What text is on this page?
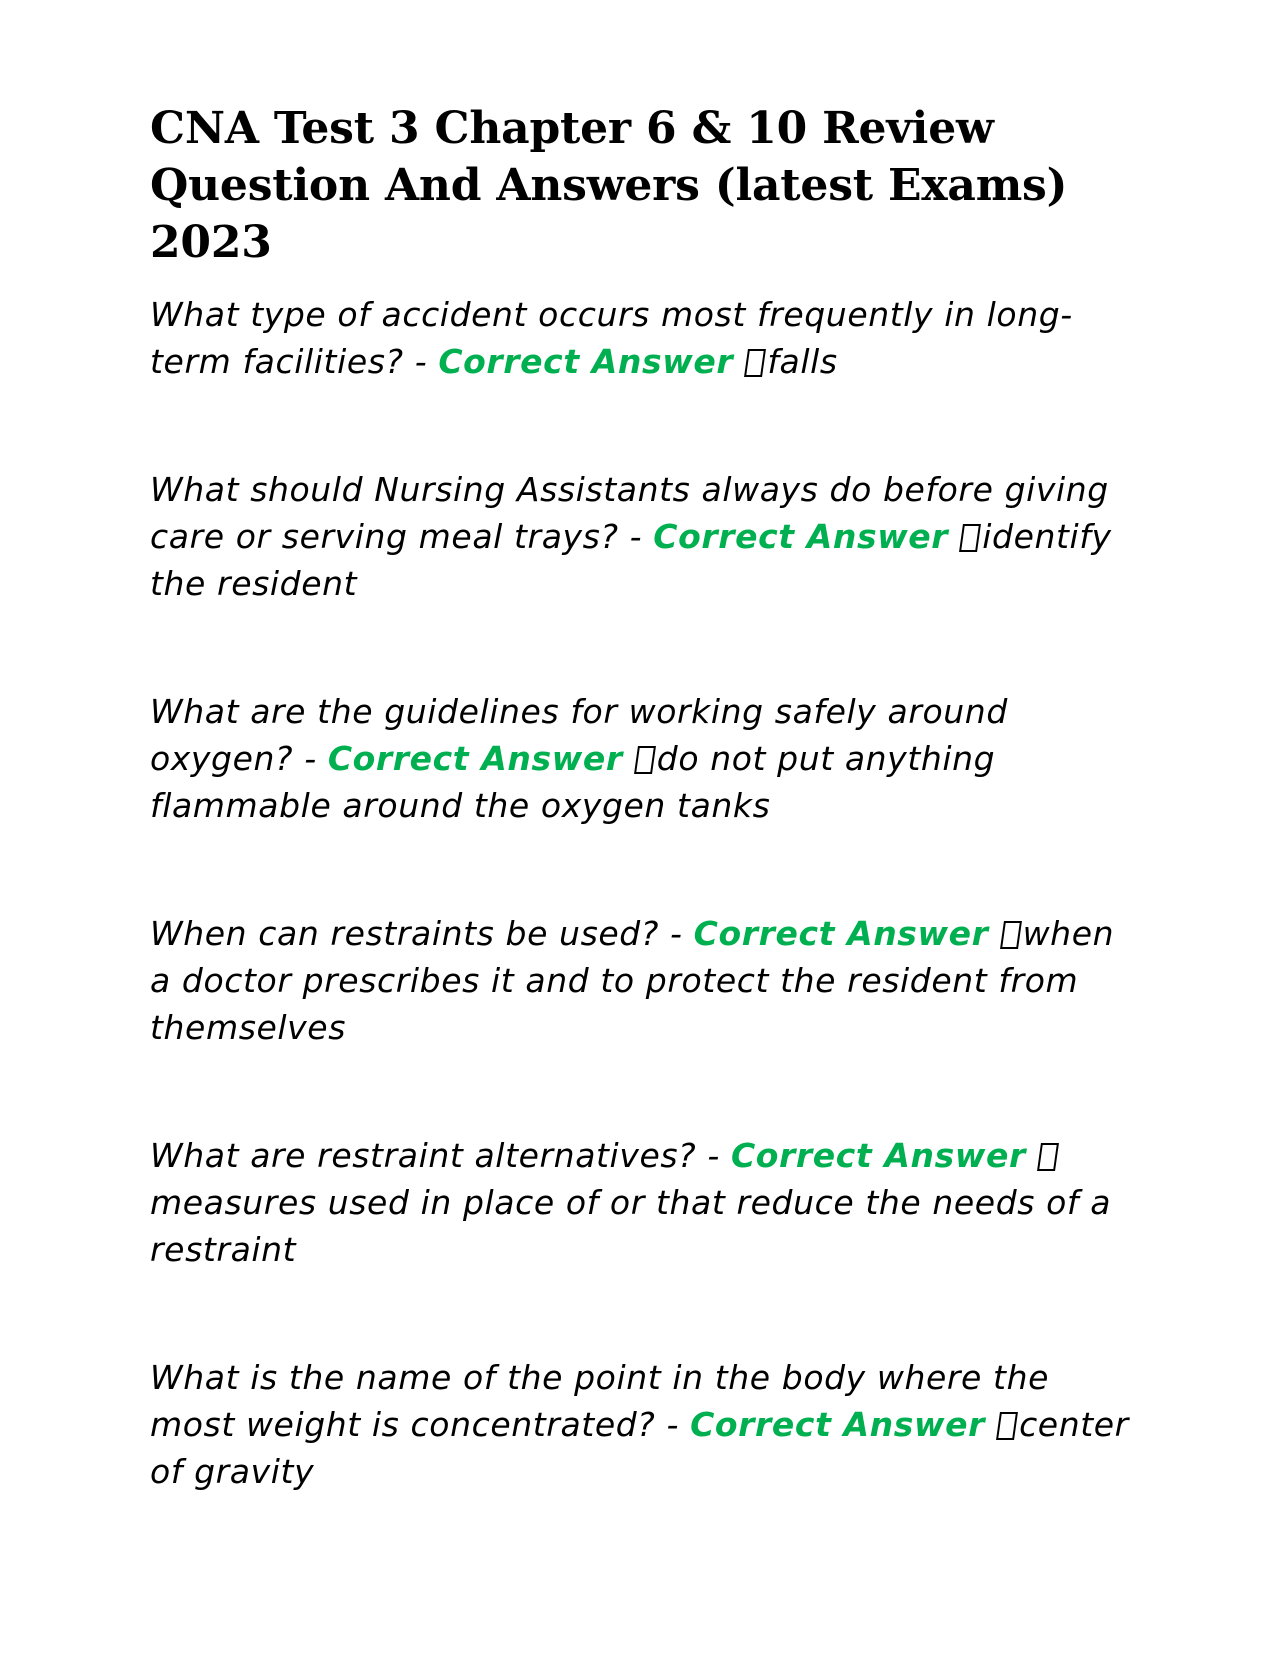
CNA Test 3 Chapter 6 & 10 Review Question And Answers (latest Exams) 2023

What type of accident occurs most frequently in long-term facilities? - Correct Answer falls

What should Nursing Assistants always do before giving care or serving meal trays? - Correct Answer identify the resident

What are the guidelines for working safely around oxygen? - Correct Answer do not put anything flammable around the oxygen tanks

When can restraints be used? - Correct Answer when a doctor prescribes it and to protect the resident from themselves

What are restraint alternatives? - Correct Answer measures used in place of or that reduce the needs of a restraint

What is the name of the point in the body where the most weight is concentrated? - Correct Answer center of gravity
